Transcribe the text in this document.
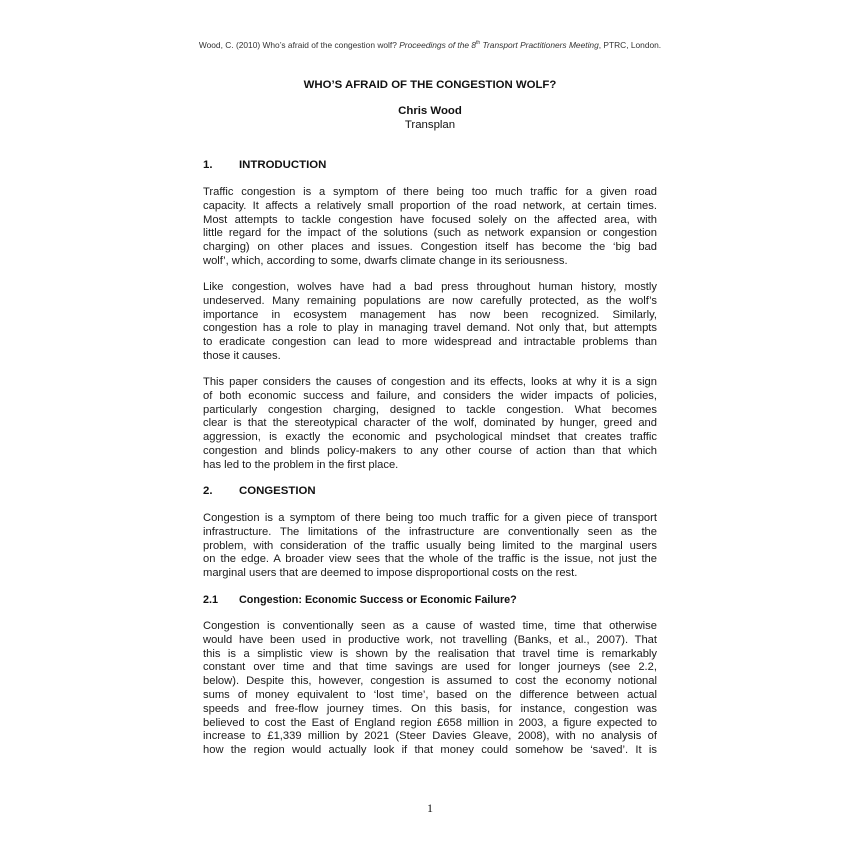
Wood, C. (2010) Who’s afraid of the congestion wolf? Proceedings of the 8th Transport Practitioners Meeting, PTRC, London.
WHO’S AFRAID OF THE CONGESTION WOLF?
Chris Wood
Transplan
1. INTRODUCTION
Traffic congestion is a symptom of there being too much traffic for a given road
capacity. It affects a relatively small proportion of the road network, at certain times.
Most attempts to tackle congestion have focused solely on the affected area, with
little regard for the impact of the solutions (such as network expansion or congestion
charging) on other places and issues. Congestion itself has become the ‘big bad
wolf’, which, according to some, dwarfs climate change in its seriousness.
Like congestion, wolves have had a bad press throughout human history, mostly
undeserved. Many remaining populations are now carefully protected, as the wolf’s
importance in ecosystem management has now been recognized. Similarly,
congestion has a role to play in managing travel demand. Not only that, but attempts
to eradicate congestion can lead to more widespread and intractable problems than
those it causes.
This paper considers the causes of congestion and its effects, looks at why it is a sign
of both economic success and failure, and considers the wider impacts of policies,
particularly congestion charging, designed to tackle congestion. What becomes
clear is that the stereotypical character of the wolf, dominated by hunger, greed and
aggression, is exactly the economic and psychological mindset that creates traffic
congestion and blinds policy-makers to any other course of action than that which
has led to the problem in the first place.
2. CONGESTION
Congestion is a symptom of there being too much traffic for a given piece of transport
infrastructure. The limitations of the infrastructure are conventionally seen as the
problem, with consideration of the traffic usually being limited to the marginal users
on the edge. A broader view sees that the whole of the traffic is the issue, not just the
marginal users that are deemed to impose disproportional costs on the rest.
2.1 Congestion: Economic Success or Economic Failure?
Congestion is conventionally seen as a cause of wasted time, time that otherwise
would have been used in productive work, not travelling (Banks, et al., 2007). That
this is a simplistic view is shown by the realisation that travel time is remarkably
constant over time and that time savings are used for longer journeys (see 2.2,
below). Despite this, however, congestion is assumed to cost the economy notional
sums of money equivalent to ‘lost time’, based on the difference between actual
speeds and free-flow journey times. On this basis, for instance, congestion was
believed to cost the East of England region £658 million in 2003, a figure expected to
increase to £1,339 million by 2021 (Steer Davies Gleave, 2008), with no analysis of
how the region would actually look if that money could somehow be ‘saved’. It is
1
